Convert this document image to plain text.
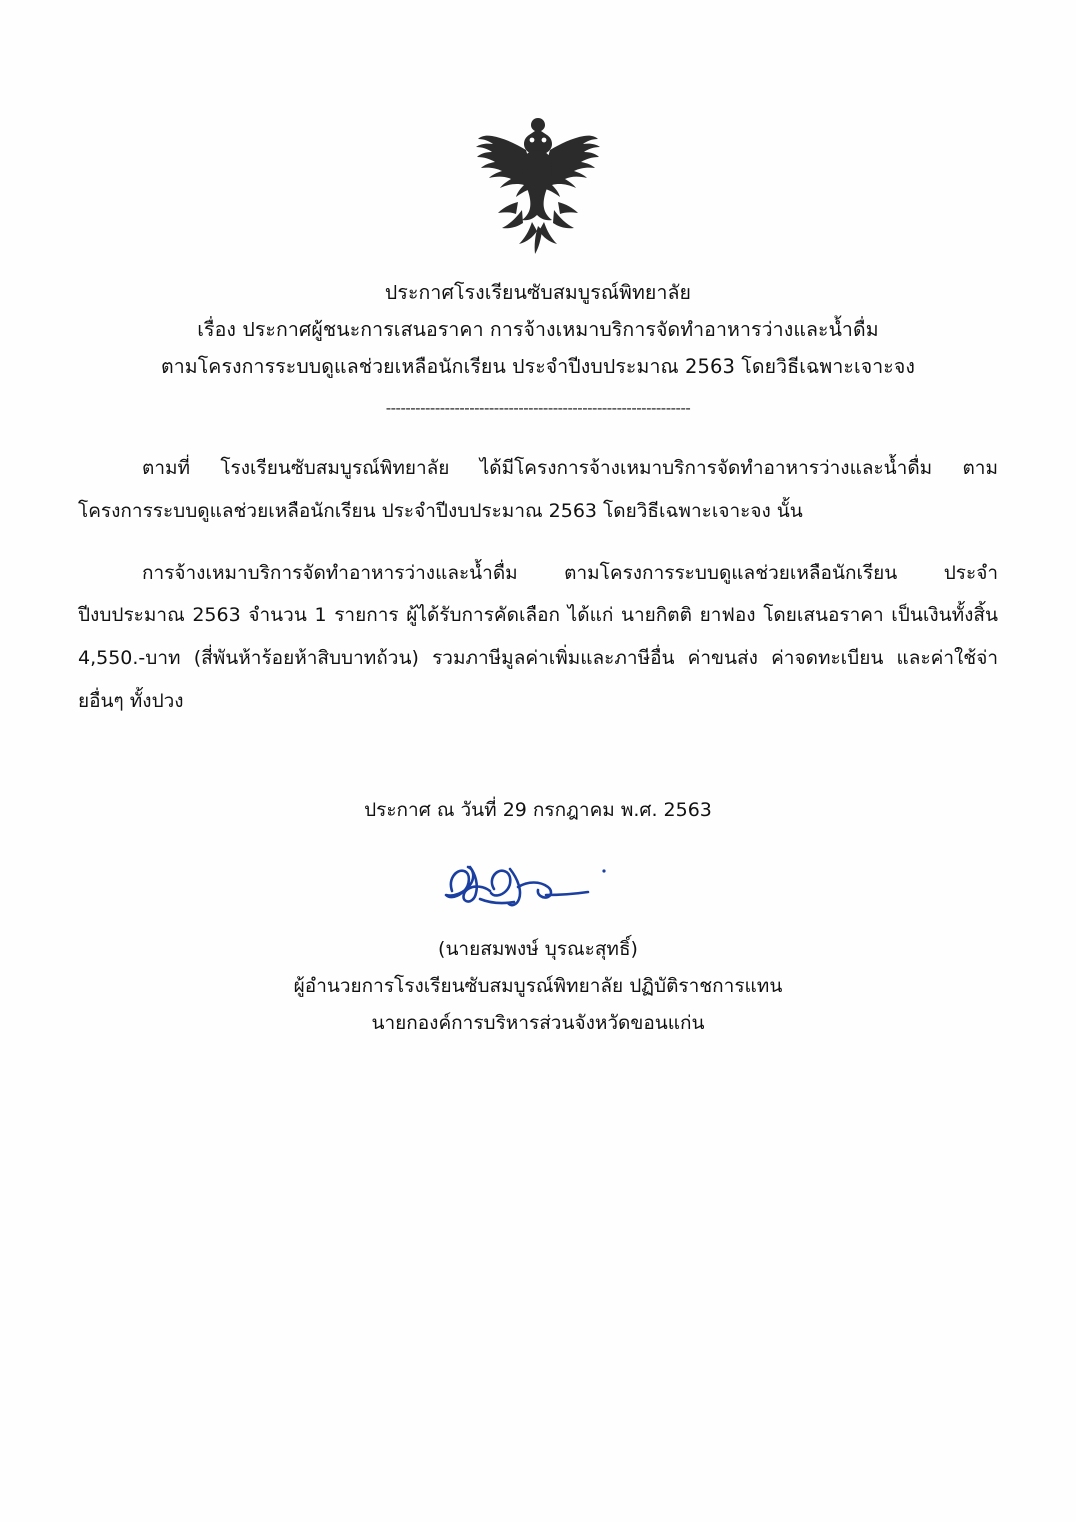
ประกาศโรงเรียนซับสมบูรณ์พิทยาลัย
เรื่อง ประกาศผู้ชนะการเสนอราคา การจ้างเหมาบริการจัดทำอาหารว่างและน้ำดื่ม
ตามโครงการระบบดูแลช่วยเหลือนักเรียน ประจำปีงบประมาณ 2563 โดยวิธีเฉพาะเจาะจง
--------------------------------------------------------------

ตามที่ โรงเรียนซับสมบูรณ์พิทยาลัย ได้มีโครงการจ้างเหมาบริการจัดทำอาหารว่างและน้ำดื่ม ตามโครงการระบบดูแลช่วยเหลือนักเรียน ประจำปีงบประมาณ 2563 โดยวิธีเฉพาะเจาะจง นั้น

การจ้างเหมาบริการจัดทำอาหารว่างและน้ำดื่ม ตามโครงการระบบดูแลช่วยเหลือนักเรียน ประจำปีงบประมาณ 2563 จำนวน 1 รายการ ผู้ได้รับการคัดเลือก ได้แก่ นายกิตติ ยาฟอง โดยเสนอราคา เป็นเงินทั้งสิ้น 4,550.-บาท (สี่พันห้าร้อยห้าสิบบาทถ้วน) รวมภาษีมูลค่าเพิ่มและภาษีอื่น ค่าขนส่ง ค่าจดทะเบียน และค่าใช้จ่ายอื่นๆ ทั้งปวง

ประกาศ ณ วันที่ 29 กรกฎาคม พ.ศ. 2563
(นายสมพงษ์ บุรณะสุทธิ์)
ผู้อำนวยการโรงเรียนซับสมบูรณ์พิทยาลัย ปฏิบัติราชการแทน
นายกองค์การบริหารส่วนจังหวัดขอนแก่น
